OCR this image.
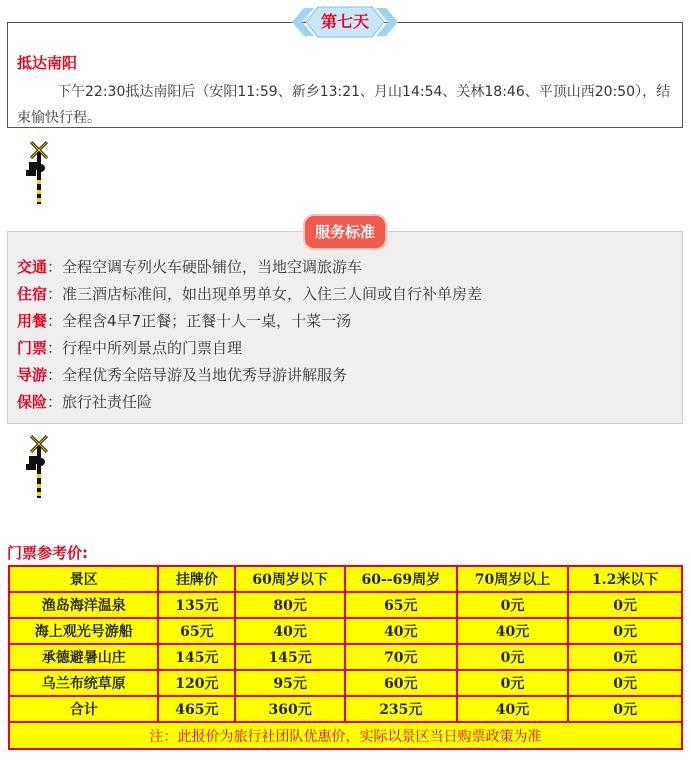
第七天
抵达南阳
下午22:30抵达南阳后（安阳11:59、新乡13:21、月山14:54、关林18:46、平顶山西20:50），结束愉快行程。
服务标准
交通：全程空调专列火车硬卧铺位，当地空调旅游车
住宿：准三酒店标准间，如出现单男单女，入住三人间或自行补单房差
用餐：全程含4早7正餐；正餐十人一桌，十菜一汤
门票：行程中所列景点的门票自理
导游：全程优秀全陪导游及当地优秀导游讲解服务
保险：旅行社责任险
门票参考价:
景区	挂牌价	60周岁以下	60--69周岁	70周岁以上	1.2米以下
渔岛海洋温泉	135元	80元	65元	0元	0元
海上观光号游船	65元	40元	40元	40元	0元
承德避暑山庄	145元	145元	70元	0元	0元
乌兰布统草原	120元	95元	60元	0元	0元
合计	465元	360元	235元	40元	0元
注：此报价为旅行社团队优惠价，实际以景区当日购票政策为准					
